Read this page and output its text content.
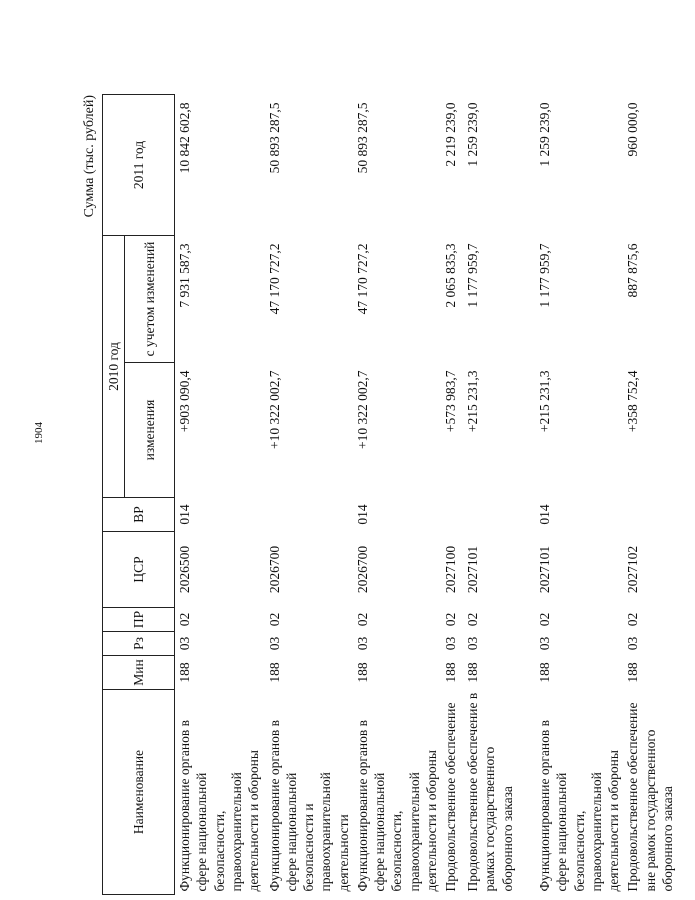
1904
Сумма (тыс. рублей)
Наименование	Мин	Рз	ПР	ЦСР	ВР	2010 год		2011 год
						изменения	с учетом изменений	
Функционирование органов в сфере национальной безопасности, правоохранительной деятельности и обороны	188	03	02	2026500	014	+903 090,4	7 931 587,3	10 842 602,8
Функционирование органов в сфере национальной безопасности и правоохранительной деятельности	188	03	02	2026700		+10 322 002,7	47 170 727,2	50 893 287,5
Функционирование органов в сфере национальной безопасности, правоохранительной деятельности и обороны	188	03	02	2026700	014	+10 322 002,7	47 170 727,2	50 893 287,5
Продовольственное обеспечение	188	03	02	2027100		+573 983,7	2 065 835,3	2 219 239,0
Продовольственное обеспечение в рамках государственного оборонного заказа	188	03	02	2027101		+215 231,3	1 177 959,7	1 259 239,0
Функционирование органов в сфере национальной безопасности, правоохранительной деятельности и обороны	188	03	02	2027101	014	+215 231,3	1 177 959,7	1 259 239,0
Продовольственное обеспечение вне рамок государственного оборонного заказа	188	03	02	2027102		+358 752,4	887 875,6	960 000,0
